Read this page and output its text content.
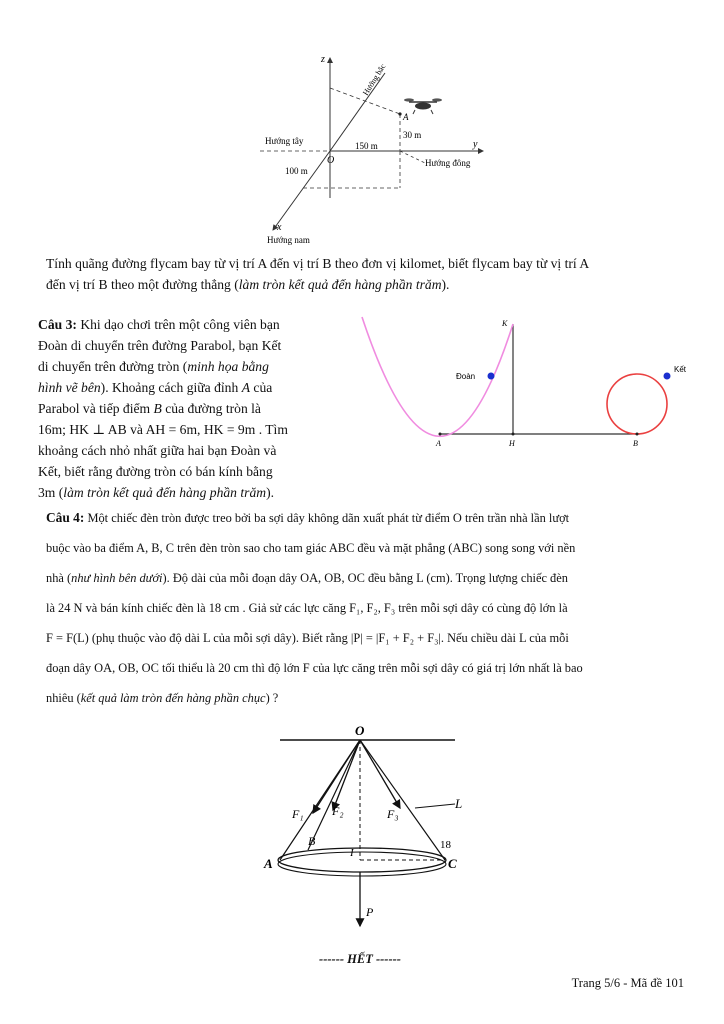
z
y
x
O
A
Hướng bắc
Hướng tây
Hướng đông
Hướng nam
150 m
100 m
30 m
Tính quãng đường flycam bay từ vị trí A đến vị trí B theo đơn vị kilomet, biết flycam bay từ vị trí A
đến vị trí B theo một đường thẳng (làm tròn kết quả đến hàng phần trăm).
Câu 3: Khi dạo chơi trên một công viên bạn
Đoàn di chuyển trên đường Parabol, bạn Kết
di chuyển trên đường tròn (minh họa bằng
hình vẽ bên). Khoảng cách giữa đỉnh A của
Parabol và tiếp điểm B của đường tròn là
16m; HK ⊥ AB và AH = 6m, HK = 9m . Tìm
khoảng cách nhỏ nhất giữa hai bạn Đoàn và
Kết, biết rằng đường tròn có bán kính bằng
3m (làm tròn kết quả đến hàng phần trăm).
K
Đoàn
Kết
A	H	B
Câu 4: Một chiếc đèn tròn được treo bởi ba sợi dây không dãn xuất phát từ điểm O trên trần nhà lần lượt
buộc vào ba điểm A, B, C trên đèn tròn sao cho tam giác ABC đều và mặt phẳng (ABC) song song với nền
nhà (như hình bên dưới). Độ dài của mỗi đoạn dây OA, OB, OC đều bằng L (cm). Trọng lượng chiếc đèn
là 24 N và bán kính chiếc đèn là 18 cm . Giả sử các lực căng F₁, F₂, F₃ trên mỗi sợi dây có cùng độ lớn là
F = F(L) (phụ thuộc vào độ dài L của mỗi sợi dây). Biết rằng |P| = |F₁ + F₂ + F₃|. Nếu chiều dài L của mỗi
đoạn dây OA, OB, OC tối thiểu là 20 cm thì độ lớn F của lực căng trên mỗi sợi dây có giá trị lớn nhất là bao
nhiêu (kết quả làm tròn đến hàng phần chục) ?
O
F₁ F₂	F₃
L
B
I
18
A	C
P
------ HẾT ------
Trang 5/6 - Mã đề 101
